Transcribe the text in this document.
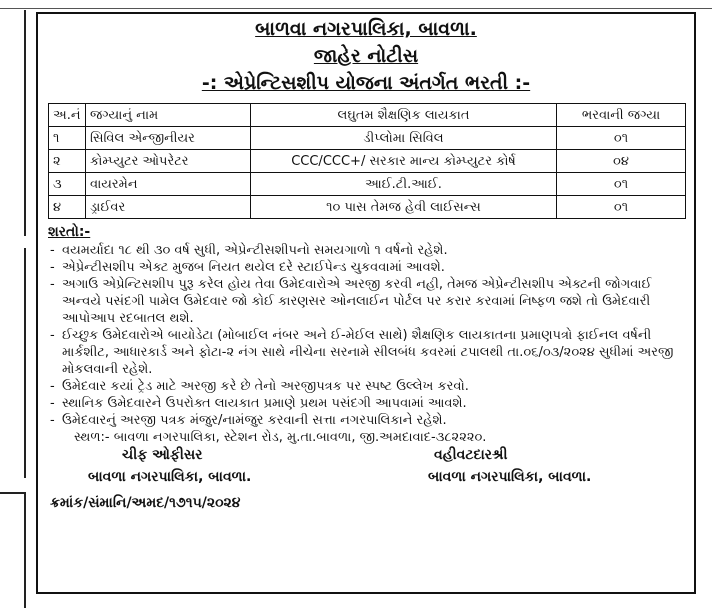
બાળવા નગરપાલિકા, બાવળા.
જાહેર નોટીસ
-: એપ્રેન્ટિસશીપ યોજના અંતર્ગત ભરતી :-
અ.નં	જગ્યાનું નામ	લઘુતમ શૈક્ષણિક લાયકાત	ભરવાની જગ્યા
૧	સિવિલ એન્જીનીયર	ડીપ્લોમા સિવિલ	૦૧
૨	કોમ્પ્યુટર ઓપરેટર	CCC/CCC+/ સરકાર માન્ય કોમ્પ્યુટર કોર્ષ	૦૪
૩	વાયરમેન	આઈ.ટી.આઈ.	૦૧
૪	ડ્રાઈવર	૧૦ પાસ તેમજ હેવી લાઈસન્સ	૦૧
શરતો:-
- વયમર્યાદા ૧૮ થી ૩૦ વર્ષ સુધી, એપ્રેન્ટીસશીપનો સમયગાળો ૧ વર્ષનો રહેશે.
- એપ્રેન્ટીસશીપ એક્ટ મુજબ નિયત થયેલ દરે સ્ટાઈપેન્ડ ચુકવવામાં આવશે.
- અગાઉ એપ્રેન્ટિસશીપ પુરૂ કરેલ હોય તેવા ઉમેદવારોએ અરજી કરવી નહી, તેમજ એપ્રેન્ટીસશીપ એક્ટની જોગવાઈ અન્વયે પસંદગી પામેલ ઉમેદવાર જો કોઈ કારણસર ઓનલાઈન પોર્ટલ પર કરાર કરવામાં નિષ્ફળ જશે તો ઉમેદવારી આપોઆપ રદબાતલ થશે.
- ઈચ્છુક ઉમેદવારોએ બાયોડેટા (મોબાઈલ નંબર અને ઈ-મેઈલ સાથે) શૈક્ષણિક લાયકાતના પ્રમાણપત્રો ફાઈનલ વર્ષની માર્કશીટ, આધારકાર્ડ અને ફોટા-૨ નંગ સાથે નીચેના સરનામે સીલબંધ કવરમાં ટપાલથી તા.૦૬/૦૩/૨૦૨૪ સુધીમાં અરજી મોકલવાની રહેશે.
- ઉમેદવાર કયાં ટ્રેડ માટે અરજી કરે છે તેનો અરજીપત્રક પર સ્પષ્ટ ઉલ્લેખ કરવો.
- સ્થાનિક ઉમેદવારને ઉપરોક્ત લાયકાત પ્રમાણે પ્રથમ પસંદગી આપવામાં આવશે.
- ઉમેદવારનું અરજી પત્રક મંજુર/નામંજુર કરવાની સત્તા નગરપાલિકાને રહેશે.
સ્થળ:- બાવળા નગરપાલિકા, સ્ટેશન રોડ, મુ.તા.બાવળા, જી.અમદાવાદ-૩૮૨૨૨૦.
ચીફ ઓફીસર
બાવળા નગરપાલિકા, બાવળા.
વહીવટદારશ્રી
બાવળા નગરપાલિકા, બાવળા.
ક્રમાંક/સંમાનિ/અમદ/૧૭૧૫/૨૦૨૪
